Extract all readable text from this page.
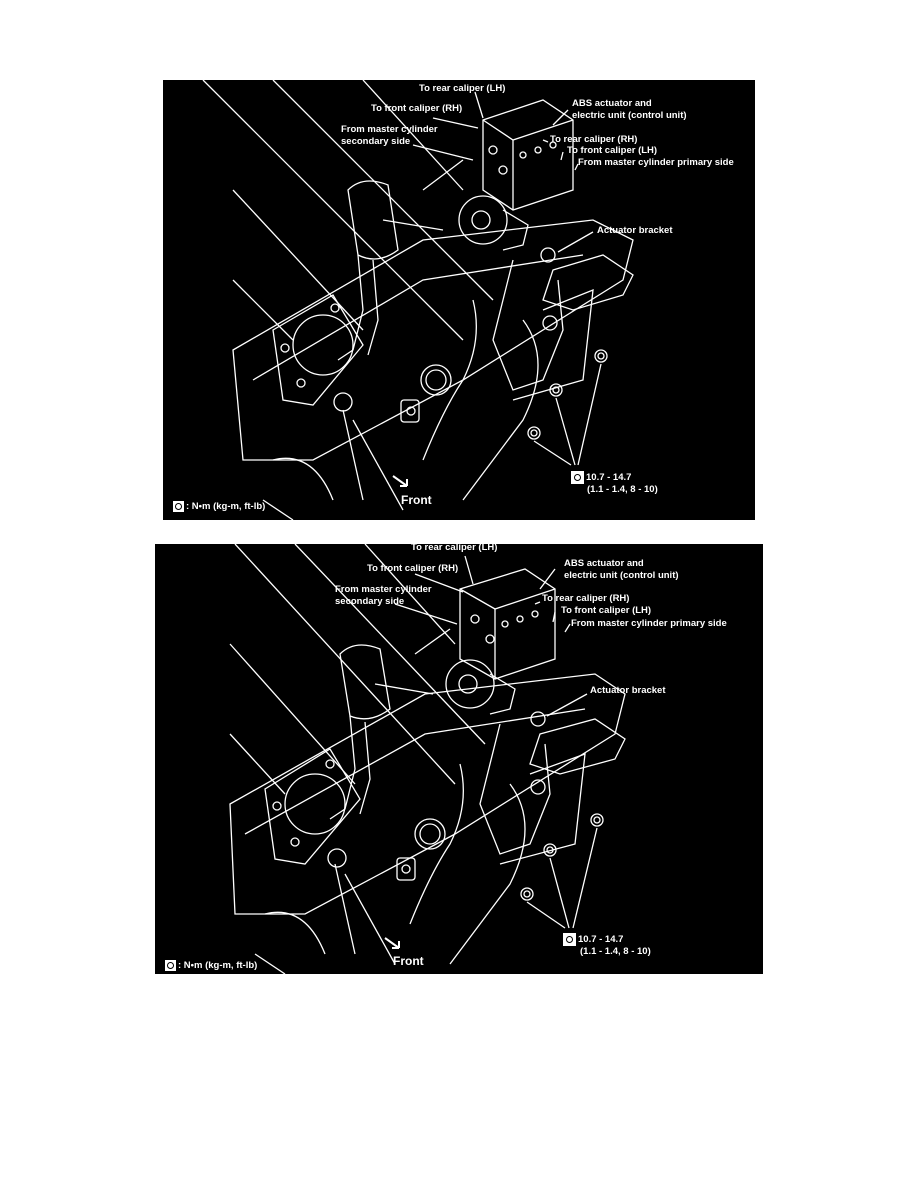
To rear caliper (LH)
To front caliper (RH)
From master cylinder
secondary side
ABS actuator and
electric unit (control unit)
To rear caliper (RH)
To front caliper (LH)
From master cylinder primary side
Actuator bracket
10.7 - 14.7
(1.1 - 1.4, 8 - 10)
Front
: N•m (kg-m, ft-lb)
To rear caliper (LH)
To front caliper (RH)
From master cylinder
secondary side
ABS actuator and
electric unit (control unit)
To rear caliper (RH)
To front caliper (LH)
From master cylinder primary side
Actuator bracket
10.7 - 14.7
(1.1 - 1.4, 8 - 10)
Front
: N•m (kg-m, ft-lb)
